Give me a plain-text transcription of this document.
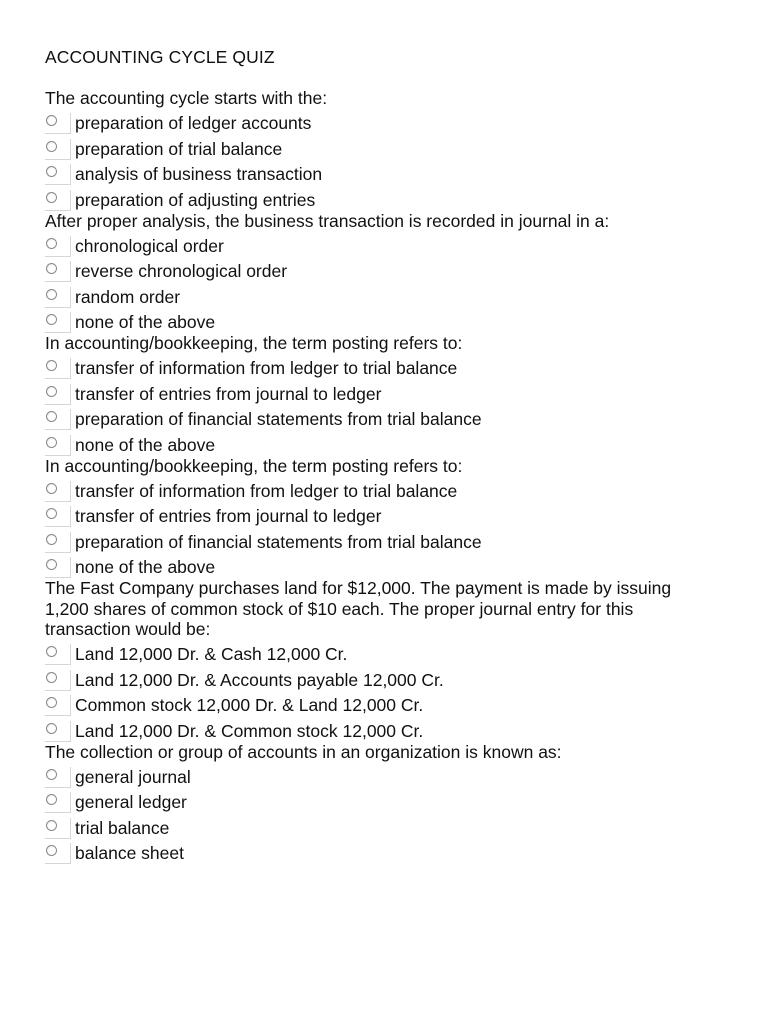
ACCOUNTING CYCLE QUIZ

The accounting cycle starts with the:

preparation of ledger accounts
preparation of trial balance
analysis of business transaction
preparation of adjusting entries

After proper analysis, the business transaction is recorded in journal in a:

chronological order
reverse chronological order
random order
none of the above

In accounting/bookkeeping, the term posting refers to:

transfer of information from ledger to trial balance
transfer of entries from journal to ledger
preparation of financial statements from trial balance
none of the above

In accounting/bookkeeping, the term posting refers to:

transfer of information from ledger to trial balance
transfer of entries from journal to ledger
preparation of financial statements from trial balance
none of the above

The Fast Company purchases land for $12,000. The payment is made by issuing

1,200 shares of common stock of $10 each. The proper journal entry for this

transaction would be:

Land 12,000 Dr. & Cash 12,000 Cr.
Land 12,000 Dr. & Accounts payable 12,000 Cr.
Common stock 12,000 Dr. & Land 12,000 Cr.
Land 12,000 Dr. & Common stock 12,000 Cr.

The collection or group of accounts in an organization is known as:

general journal
general ledger
trial balance
balance sheet
